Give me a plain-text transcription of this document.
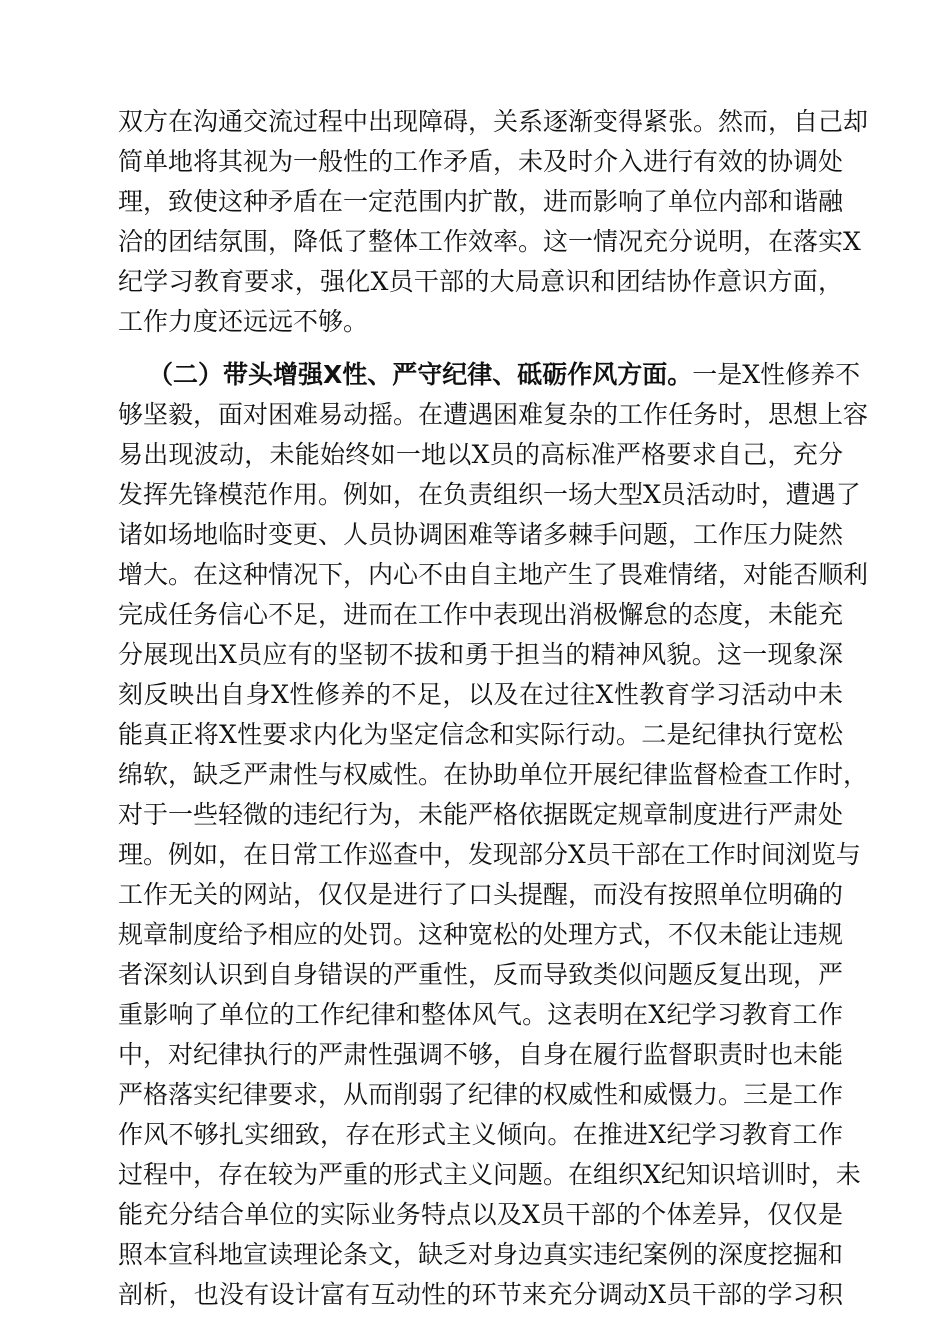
双方在沟通交流过程中出现障碍，关系逐渐变得紧张。然而，自己却
简单地将其视为一般性的工作矛盾，未及时介入进行有效的协调处
理，致使这种矛盾在一定范围内扩散，进而影响了单位内部和谐融
洽的团结氛围，降低了整体工作效率。这一情况充分说明，在落实X
纪学习教育要求，强化X员干部的大局意识和团结协作意识方面，
工作力度还远远不够。
（二）带头增强X性、严守纪律、砥砺作风方面。一是X性修养不
够坚毅，面对困难易动摇。在遭遇困难复杂的工作任务时，思想上容
易出现波动，未能始终如一地以X员的高标准严格要求自己，充分
发挥先锋模范作用。例如，在负责组织一场大型X员活动时，遭遇了
诸如场地临时变更、人员协调困难等诸多棘手问题，工作压力陡然
增大。在这种情况下，内心不由自主地产生了畏难情绪，对能否顺利
完成任务信心不足，进而在工作中表现出消极懈怠的态度，未能充
分展现出X员应有的坚韧不拔和勇于担当的精神风貌。这一现象深
刻反映出自身X性修养的不足，以及在过往X性教育学习活动中未
能真正将X性要求内化为坚定信念和实际行动。二是纪律执行宽松
绵软，缺乏严肃性与权威性。在协助单位开展纪律监督检查工作时，
对于一些轻微的违纪行为，未能严格依据既定规章制度进行严肃处
理。例如，在日常工作巡查中，发现部分X员干部在工作时间浏览与
工作无关的网站，仅仅是进行了口头提醒，而没有按照单位明确的
规章制度给予相应的处罚。这种宽松的处理方式，不仅未能让违规
者深刻认识到自身错误的严重性，反而导致类似问题反复出现，严
重影响了单位的工作纪律和整体风气。这表明在X纪学习教育工作
中，对纪律执行的严肃性强调不够，自身在履行监督职责时也未能
严格落实纪律要求，从而削弱了纪律的权威性和威慑力。三是工作
作风不够扎实细致，存在形式主义倾向。在推进X纪学习教育工作
过程中，存在较为严重的形式主义问题。在组织X纪知识培训时，未
能充分结合单位的实际业务特点以及X员干部的个体差异，仅仅是
照本宣科地宣读理论条文，缺乏对身边真实违纪案例的深度挖掘和
剖析，也没有设计富有互动性的环节来充分调动X员干部的学习积
